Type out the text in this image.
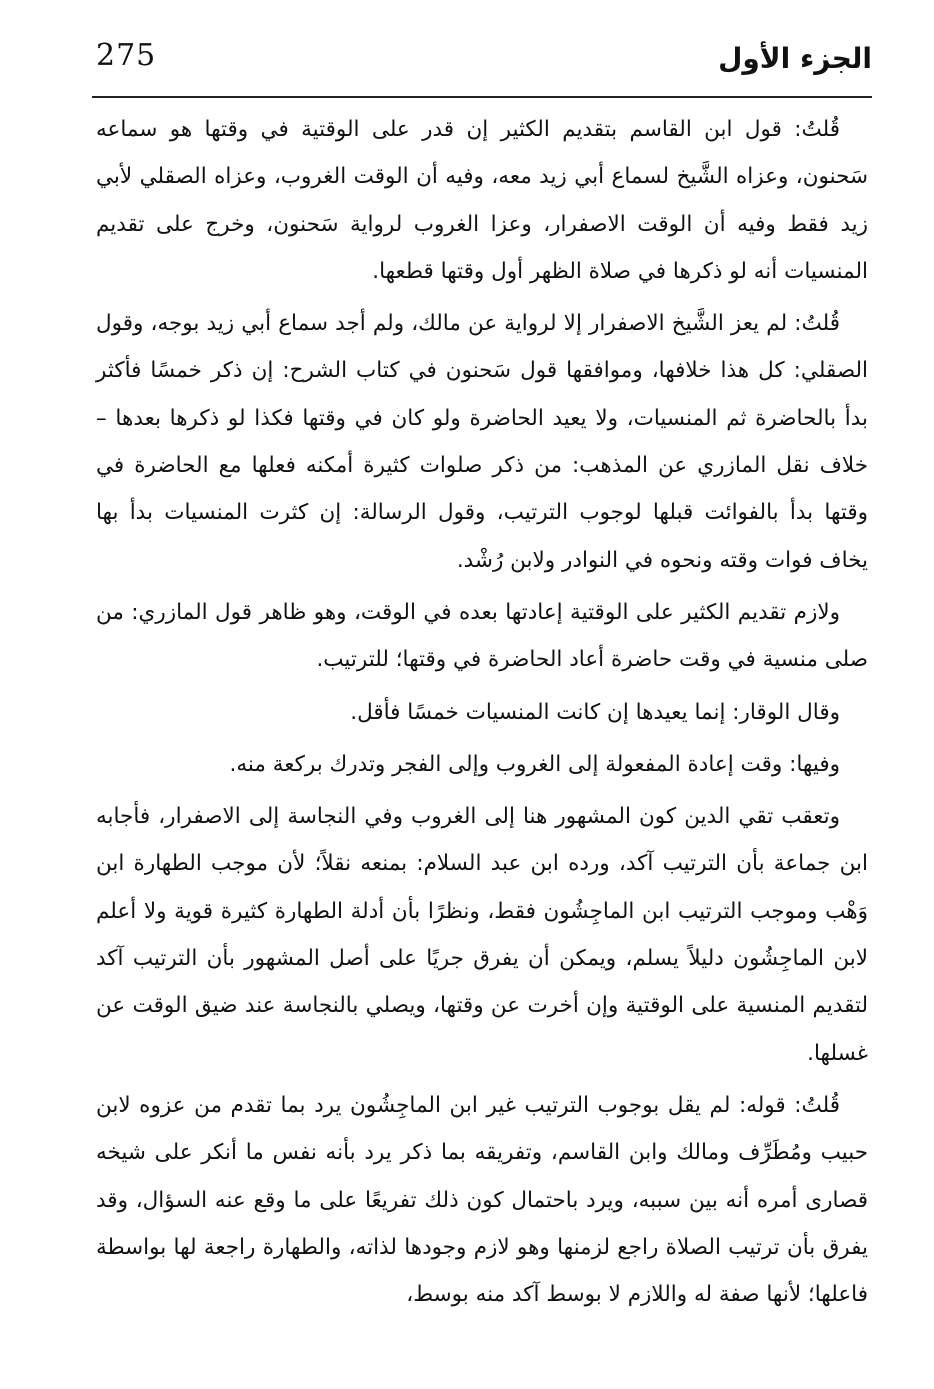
275	الجزء الأول

قُلتُ: قول ابن القاسم بتقديم الكثير إن قدر على الوقتية في وقتها هو سماعه سَحنون، وعزاه الشَّيخ لسماع أبي زيد معه، وفيه أن الوقت الغروب، وعزاه الصقلي لأبي زيد فقط وفيه أن الوقت الاصفرار، وعزا الغروب لرواية سَحنون، وخرج على تقديم المنسيات أنه لو ذكرها في صلاة الظهر أول وقتها قطعها.

قُلتُ: لم يعز الشَّيخ الاصفرار إلا لرواية عن مالك، ولم أجد سماع أبي زيد بوجه، وقول الصقلي: كل هذا خلافها، وموافقها قول سَحنون في كتاب الشرح: إن ذكر خمسًا فأكثر بدأ بالحاضرة ثم المنسيات، ولا يعيد الحاضرة ولو كان في وقتها فكذا لو ذكرها بعدها – خلاف نقل المازري عن المذهب: من ذكر صلوات كثيرة أمكنه فعلها مع الحاضرة في وقتها بدأ بالفوائت قبلها لوجوب الترتيب، وقول الرسالة: إن كثرت المنسيات بدأ بها يخاف فوات وقته ونحوه في النوادر ولابن رُشْد.

ولازم تقديم الكثير على الوقتية إعادتها بعده في الوقت، وهو ظاهر قول المازري: من صلى منسية في وقت حاضرة أعاد الحاضرة في وقتها؛ للترتيب.

وقال الوقار: إنما يعيدها إن كانت المنسيات خمسًا فأقل.

وفيها: وقت إعادة المفعولة إلى الغروب وإلى الفجر وتدرك بركعة منه.

وتعقب تقي الدين كون المشهور هنا إلى الغروب وفي النجاسة إلى الاصفرار، فأجابه ابن جماعة بأن الترتيب آكد، ورده ابن عبد السلام: بمنعه نقلاً؛ لأن موجب الطهارة ابن وَهْب وموجب الترتيب ابن الماجِشُون فقط، ونظرًا بأن أدلة الطهارة كثيرة قوية ولا أعلم لابن الماجِشُون دليلاً يسلم، ويمكن أن يفرق جريًا على أصل المشهور بأن الترتيب آكد لتقديم المنسية على الوقتية وإن أخرت عن وقتها، ويصلي بالنجاسة عند ضيق الوقت عن غسلها.

قُلتُ: قوله: لم يقل بوجوب الترتيب غير ابن الماجِشُون يرد بما تقدم من عزوه لابن حبيب ومُطَرِّف ومالك وابن القاسم، وتفريقه بما ذكر يرد بأنه نفس ما أنكر على شيخه قصارى أمره أنه بين سببه، ويرد باحتمال كون ذلك تفريعًا على ما وقع عنه السؤال، وقد يفرق بأن ترتيب الصلاة راجع لزمنها وهو لازم وجودها لذاته، والطهارة راجعة لها بواسطة فاعلها؛ لأنها صفة له واللازم لا بوسط آكد منه بوسط،
